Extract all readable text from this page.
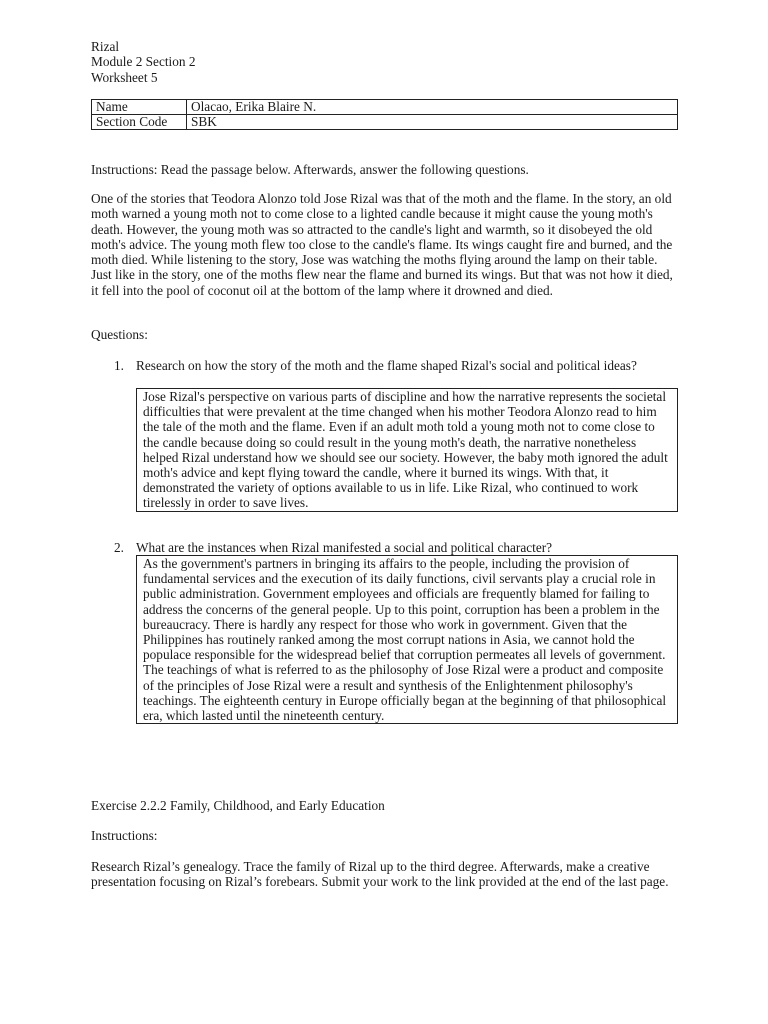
Rizal
Module 2 Section 2
Worksheet 5
Name	Olacao, Erika Blaire N.
Section Code	SBK
Instructions: Read the passage below. Afterwards, answer the following questions.
One of the stories that Teodora Alonzo told Jose Rizal was that of the moth and the flame. In the story, an old moth warned a young moth not to come close to a lighted candle because it might cause the young moth's death. However, the young moth was so attracted to the candle's light and warmth, so it disobeyed the old moth's advice. The young moth flew too close to the candle's flame. Its wings caught fire and burned, and the moth died. While listening to the story, Jose was watching the moths flying around the lamp on their table. Just like in the story, one of the moths flew near the flame and burned its wings. But that was not how it died, it fell into the pool of coconut oil at the bottom of the lamp where it drowned and died.
Questions:
1. Research on how the story of the moth and the flame shaped Rizal's social and political ideas?
Jose Rizal's perspective on various parts of discipline and how the narrative represents the societal difficulties that were prevalent at the time changed when his mother Teodora Alonzo read to him the tale of the moth and the flame. Even if an adult moth told a young moth not to come close to the candle because doing so could result in the young moth's death, the narrative nonetheless helped Rizal understand how we should see our society. However, the baby moth ignored the adult moth's advice and kept flying toward the candle, where it burned its wings. With that, it demonstrated the variety of options available to us in life. Like Rizal, who continued to work tirelessly in order to save lives.
2. What are the instances when Rizal manifested a social and political character?
As the government's partners in bringing its affairs to the people, including the provision of fundamental services and the execution of its daily functions, civil servants play a crucial role in public administration. Government employees and officials are frequently blamed for failing to address the concerns of the general people. Up to this point, corruption has been a problem in the bureaucracy. There is hardly any respect for those who work in government. Given that the Philippines has routinely ranked among the most corrupt nations in Asia, we cannot hold the populace responsible for the widespread belief that corruption permeates all levels of government.
The teachings of what is referred to as the philosophy of Jose Rizal were a product and composite of the principles of Jose Rizal were a result and synthesis of the Enlightenment philosophy's teachings. The eighteenth century in Europe officially began at the beginning of that philosophical era, which lasted until the nineteenth century.
Exercise 2.2.2 Family, Childhood, and Early Education
Instructions:
Research Rizal’s genealogy. Trace the family of Rizal up to the third degree. Afterwards, make a creative presentation focusing on Rizal’s forebears. Submit your work to the link provided at the end of the last page.
